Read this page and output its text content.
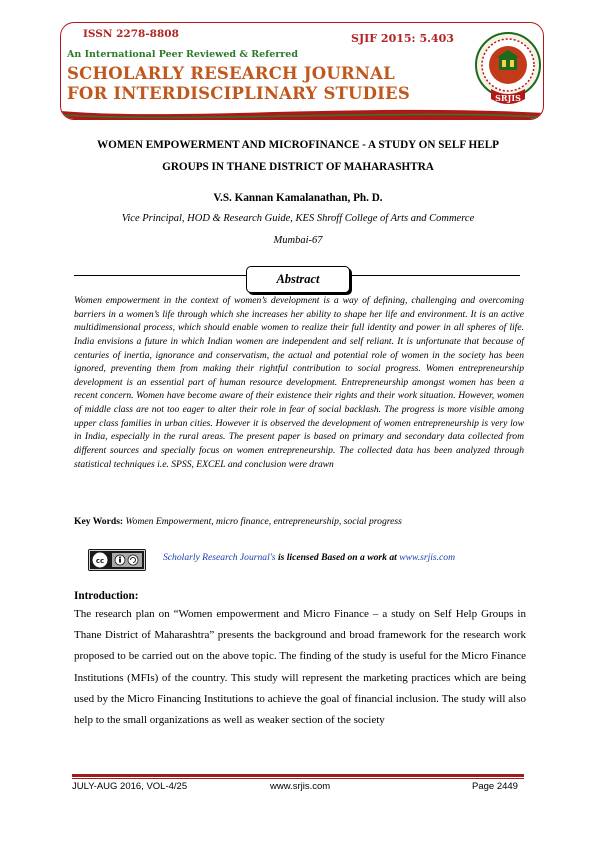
ISSN 2278-8808	SJIF 2015: 5.403
An International Peer Reviewed & Referred
SCHOLARLY RESEARCH JOURNAL
FOR INTERDISCIPLINARY STUDIES	SRJIS
WOMEN EMPOWERMENT AND MICROFINANCE - A STUDY ON SELF HELP
GROUPS IN THANE DISTRICT OF MAHARASHTRA
V.S. Kannan Kamalanathan, Ph. D.
Vice Principal, HOD & Research Guide, KES Shroff College of Arts and Commerce
Mumbai-67
Abstract
Women empowerment in the context of women’s development is a way of defining, challenging and overcoming barriers in a women’s life through which she increases her ability to shape her life and environment. It is an active multidimensional process, which should enable women to realize their full identity and power in all spheres of life. India envisions a future in which Indian women are independent and self reliant. It is unfortunate that because of centuries of inertia, ignorance and conservatism, the actual and potential role of women in the society has been ignored, preventing them from making their rightful contribution to social progress. Women entrepreneurship development is an essential part of human resource development. Entrepreneurship amongst women has been a recent concern. Women have become aware of their existence their rights and their work situation. However, women of middle class are not too eager to alter their role in fear of social backlash. The progress is more visible among upper class families in urban cities. However it is observed the development of women entrepreneurship is very low in India, especially in the rural areas. The present paper is based on primary and secondary data collected from different sources and specially focus on women entrepreneurship. The collected data has been analyzed through statistical techniques i.e. SPSS, EXCEL and conclusion were drawn
Key Words: Women Empowerment, micro finance, entrepreneurship, social progress
cc	Scholarly Research Journal's is licensed Based on a work at www.srjis.com
Introduction:
The research plan on “Women empowerment and Micro Finance – a study on Self Help Groups in Thane District of Maharashtra” presents the background and broad framework for the research work proposed to be carried out on the above topic. The finding of the study is useful for the Micro Finance Institutions (MFIs) of the country. This study will represent the marketing practices which are being used by the Micro Financing Institutions to achieve the goal of financial inclusion. The study will also help to the small organizations as well as weaker section of the society
JULY-AUG 2016, VOL-4/25	www.srjis.com	Page 2449
